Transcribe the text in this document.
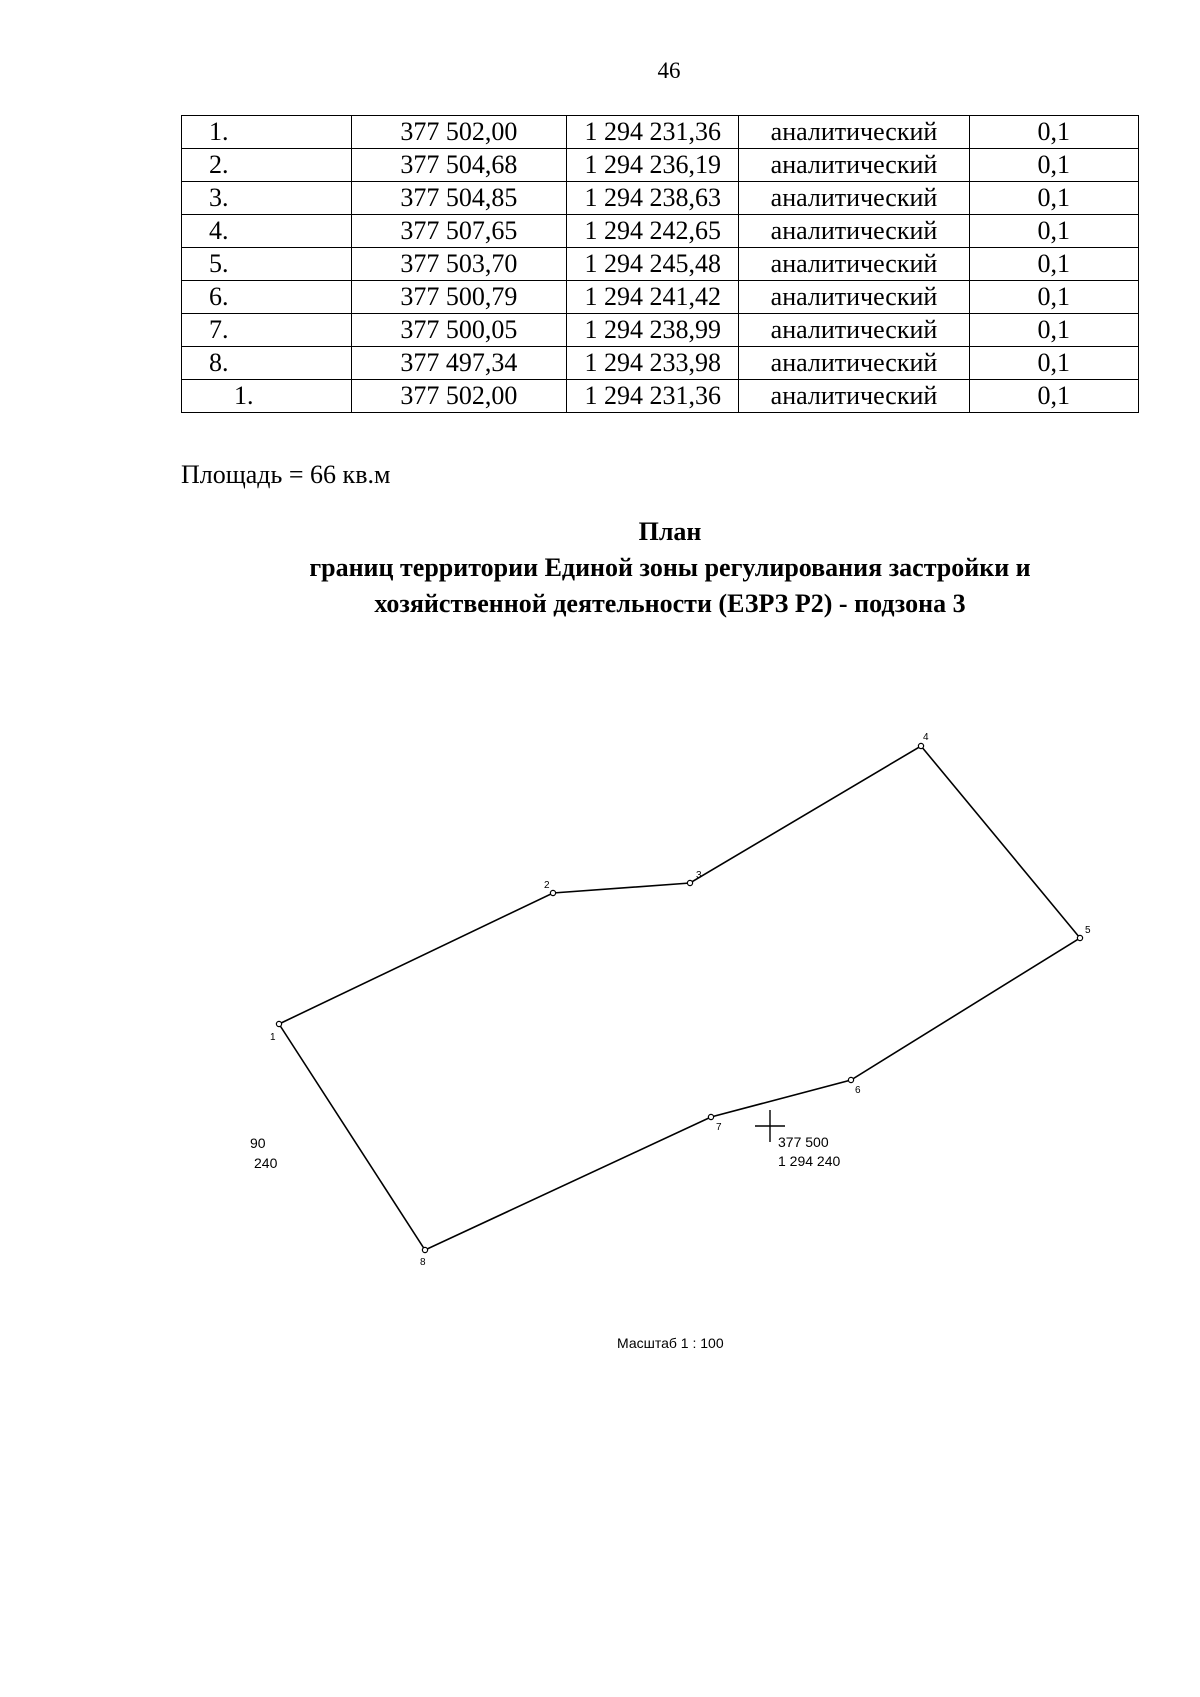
46
1.	377 502,00	1 294 231,36	аналитический	0,1
2.	377 504,68	1 294 236,19	аналитический	0,1
3.	377 504,85	1 294 238,63	аналитический	0,1
4.	377 507,65	1 294 242,65	аналитический	0,1
5.	377 503,70	1 294 245,48	аналитический	0,1
6.	377 500,79	1 294 241,42	аналитический	0,1
7.	377 500,05	1 294 238,99	аналитический	0,1
8.	377 497,34	1 294 233,98	аналитический	0,1
1.	377 502,00	1 294 231,36	аналитический	0,1
Площадь = 66 кв.м
План
границ территории Единой зоны регулирования застройки и
хозяйственной деятельности (ЕЗРЗ Р2) - подзона 3
1
2
3
4
5
6
7
8
90
240
377 500
1 294 240
Масштаб 1 : 100
